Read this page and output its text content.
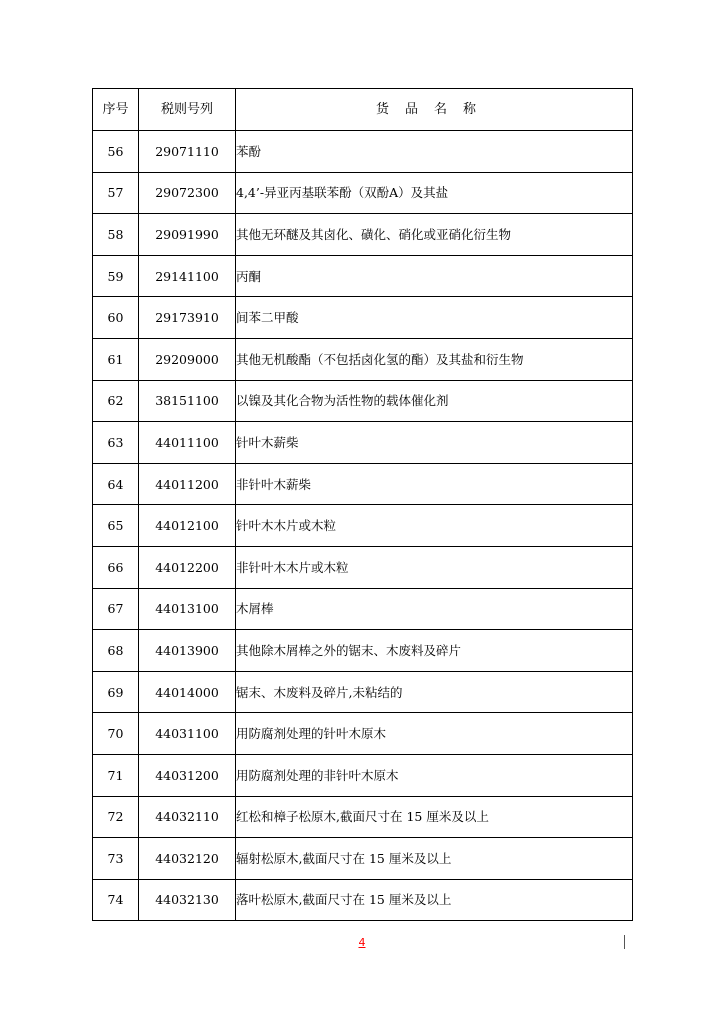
序号	税则号列	货品名称
56	29071110	苯酚
57	29072300	4,4’-异亚丙基联苯酚（双酚A）及其盐
58	29091990	其他无环醚及其卤化、磺化、硝化或亚硝化衍生物
59	29141100	丙酮
60	29173910	间苯二甲酸
61	29209000	其他无机酸酯（不包括卤化氢的酯）及其盐和衍生物
62	38151100	以镍及其化合物为活性物的载体催化剂
63	44011100	针叶木薪柴
64	44011200	非针叶木薪柴
65	44012100	针叶木木片或木粒
66	44012200	非针叶木木片或木粒
67	44013100	木屑棒
68	44013900	其他除木屑棒之外的锯末、木废料及碎片
69	44014000	锯末、木废料及碎片,未粘结的
70	44031100	用防腐剂处理的针叶木原木
71	44031200	用防腐剂处理的非针叶木原木
72	44032110	红松和樟子松原木,截面尺寸在 15 厘米及以上
73	44032120	辐射松原木,截面尺寸在 15 厘米及以上
74	44032130	落叶松原木,截面尺寸在 15 厘米及以上
4
